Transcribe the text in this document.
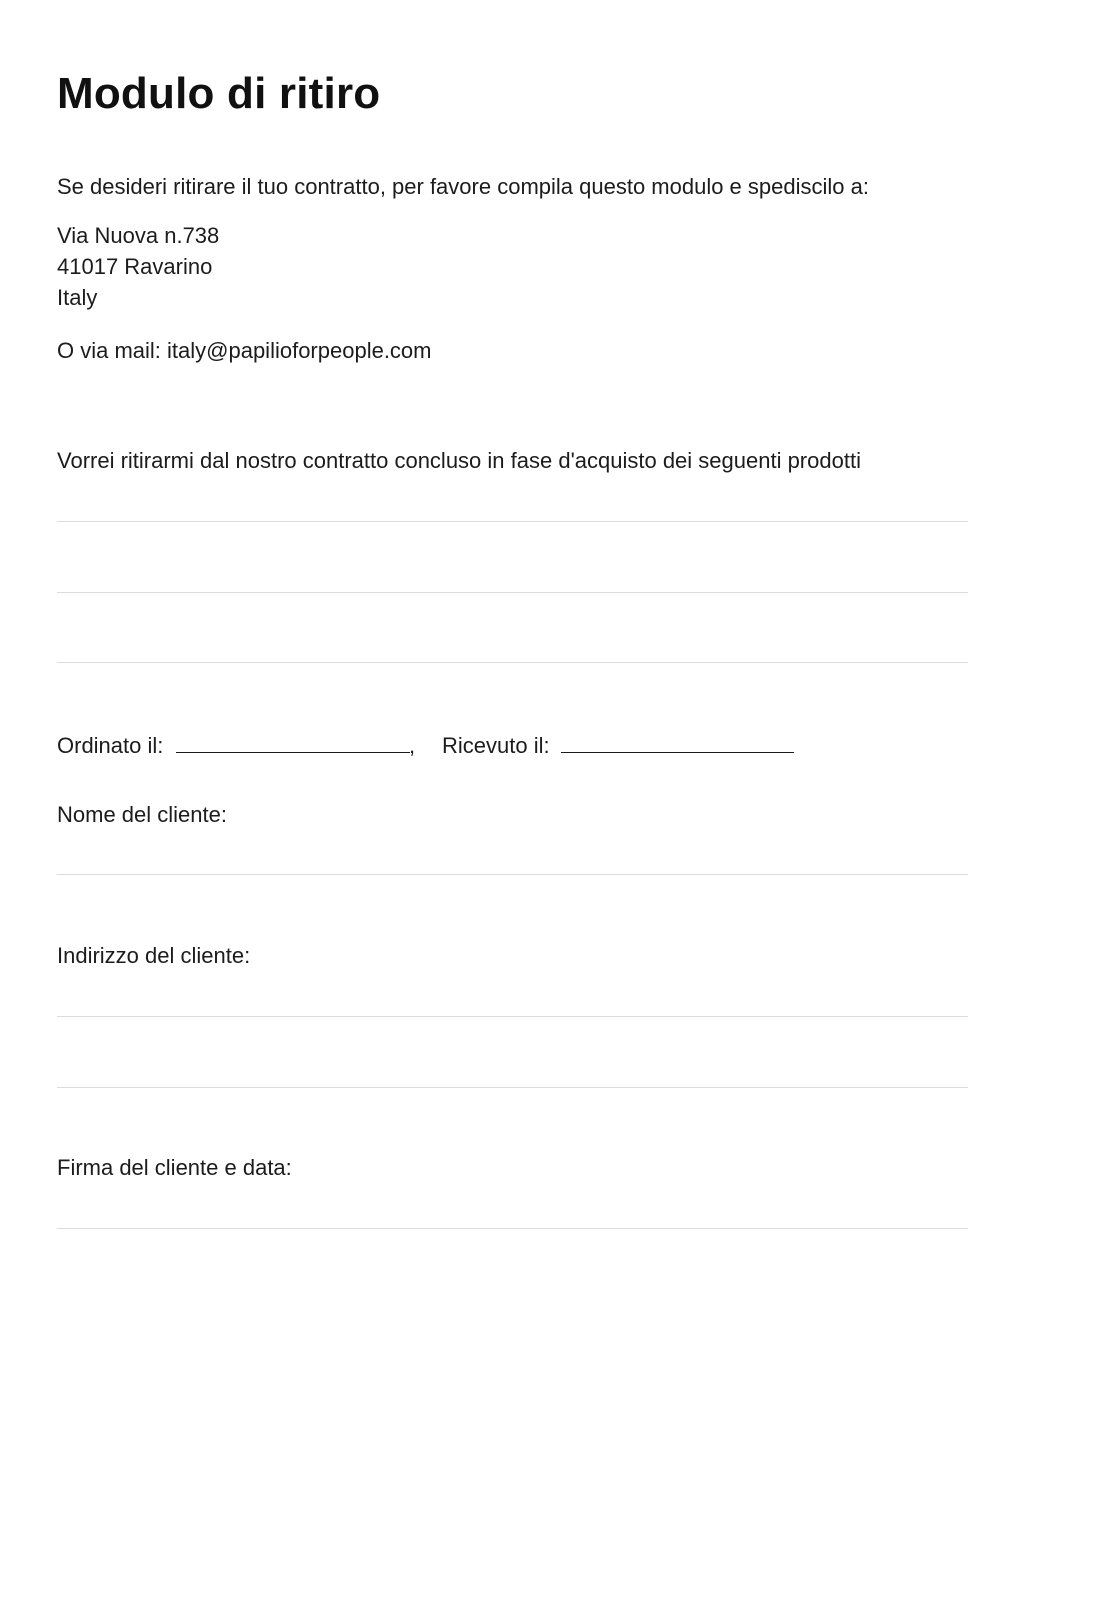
Modulo di ritiro
Se desideri ritirare il tuo contratto, per favore compila questo modulo e spediscilo a:
Via Nuova n.738
41017 Ravarino
Italy
O via mail: italy@papilioforpeople.com
Vorrei ritirarmi dal nostro contratto concluso in fase d'acquisto dei seguenti prodotti
Ordinato il:	, Ricevuto il:
Nome del cliente:
Indirizzo del cliente:
Firma del cliente e data:
